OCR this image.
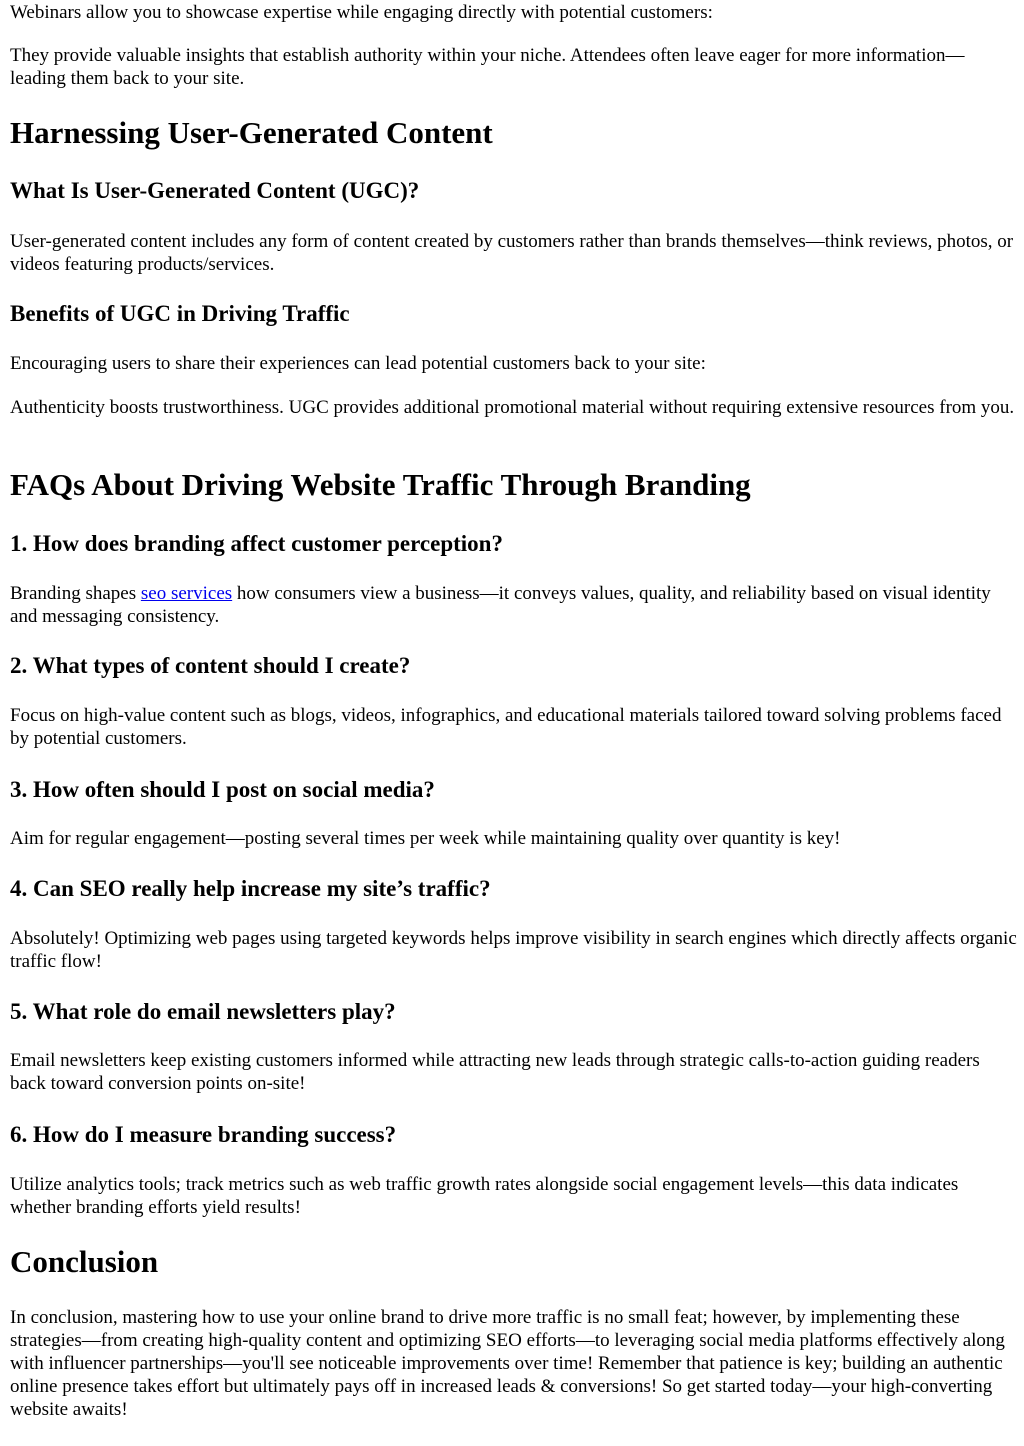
Webinars allow you to showcase expertise while engaging directly with potential customers:

They provide valuable insights that establish authority within your niche. Attendees often leave eager for more information—leading them back to your site.

Harnessing User-Generated Content
What Is User-Generated Content (UGC)?

User-generated content includes any form of content created by customers rather than brands themselves—think reviews, photos, or videos featuring products/services.

Benefits of UGC in Driving Traffic

Encouraging users to share their experiences can lead potential customers back to your site:

Authenticity boosts trustworthiness. UGC provides additional promotional material without requiring extensive resources from you.

FAQs About Driving Website Traffic Through Branding
1. How does branding affect customer perception?

Branding shapes seo services how consumers view a business—it conveys values, quality, and reliability based on visual identity and messaging consistency.

2. What types of content should I create?

Focus on high-value content such as blogs, videos, infographics, and educational materials tailored toward solving problems faced by potential customers.

3. How often should I post on social media?

Aim for regular engagement—posting several times per week while maintaining quality over quantity is key!

4. Can SEO really help increase my site’s traffic?

Absolutely! Optimizing web pages using targeted keywords helps improve visibility in search engines which directly affects organic traffic flow!

5. What role do email newsletters play?

Email newsletters keep existing customers informed while attracting new leads through strategic calls-to-action guiding readers back toward conversion points on-site!

6. How do I measure branding success?

Utilize analytics tools; track metrics such as web traffic growth rates alongside social engagement levels—this data indicates whether branding efforts yield results!

Conclusion

In conclusion, mastering how to use your online brand to drive more traffic is no small feat; however, by implementing these strategies—from creating high-quality content and optimizing SEO efforts—to leveraging social media platforms effectively along with influencer partnerships—you'll see noticeable improvements over time! Remember that patience is key; building an authentic online presence takes effort but ultimately pays off in increased leads & conversions! So get started today—your high-converting website awaits!
